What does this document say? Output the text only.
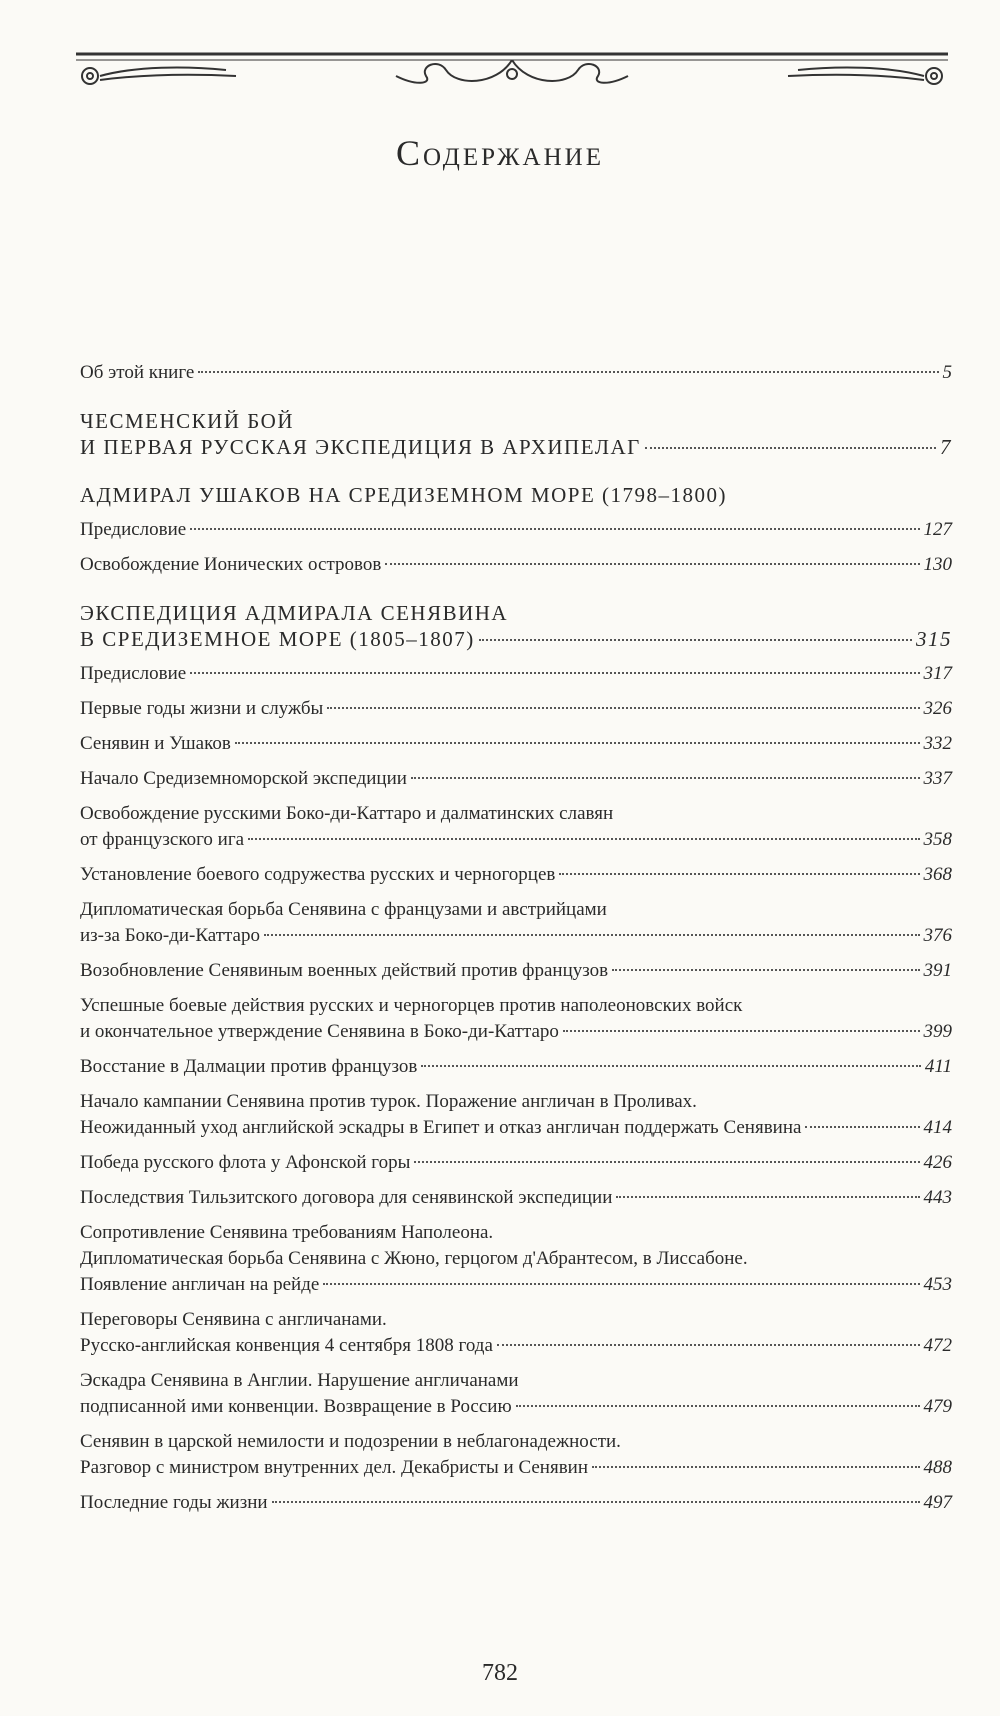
Содержание
Об этой книге	5
ЧЕСМЕНСКИЙ БОЙ
И ПЕРВАЯ РУССКАЯ ЭКСПЕДИЦИЯ В АРХИПЕЛАГ	7
АДМИРАЛ УШАКОВ НА СРЕДИЗЕМНОМ МОРЕ (1798–1800)
Предисловие	127
Освобождение Ионических островов	130
ЭКСПЕДИЦИЯ АДМИРАЛА СЕНЯВИНА
В СРЕДИЗЕМНОЕ МОРЕ (1805–1807)	315
Предисловие	317
Первые годы жизни и службы	326
Сенявин и Ушаков	332
Начало Средиземноморской экспедиции	337
Освобождение русскими Боко-ди-Каттаро и далматинских славян
от французского ига	358
Установление боевого содружества русских и черногорцев	368
Дипломатическая борьба Сенявина с французами и австрийцами
из-за Боко-ди-Каттаро	376
Возобновление Сенявиным военных действий против французов	391
Успешные боевые действия русских и черногорцев против наполеоновских войск
и окончательное утверждение Сенявина в Боко-ди-Каттаро	399
Восстание в Далмации против французов	411
Начало кампании Сенявина против турок. Поражение англичан в Проливах.
Неожиданный уход английской эскадры в Египет и отказ англичан поддержать Сенявина	414
Победа русского флота у Афонской горы	426
Последствия Тильзитского договора для сенявинской экспедиции	443
Сопротивление Сенявина требованиям Наполеона.
Дипломатическая борьба Сенявина с Жюно, герцогом д'Абрантесом, в Лиссабоне.
Появление англичан на рейде	453
Переговоры Сенявина с англичанами.
Русско-английская конвенция 4 сентября 1808 года	472
Эскадра Сенявина в Англии. Нарушение англичанами
подписанной ими конвенции. Возвращение в Россию	479
Сенявин в царской немилости и подозрении в неблагонадежности.
Разговор с министром внутренних дел. Декабристы и Сенявин	488
Последние годы жизни	497
782
